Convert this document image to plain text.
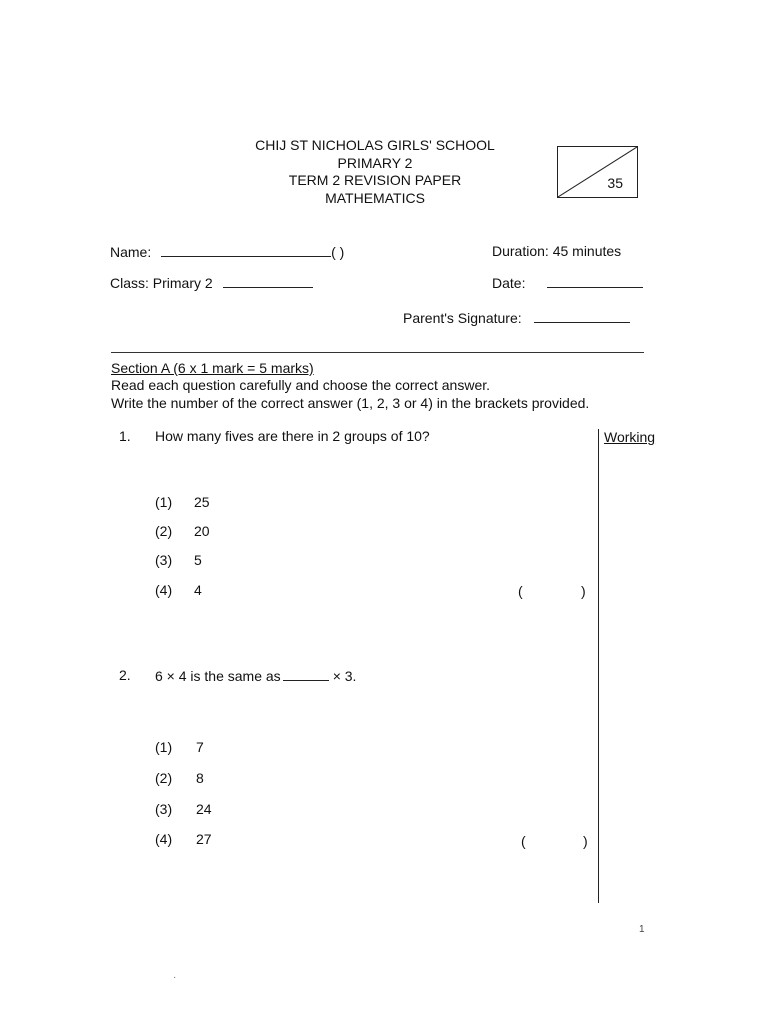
CHIJ ST NICHOLAS GIRLS' SCHOOL
PRIMARY 2
TERM 2 REVISION PAPER
MATHEMATICS
35
Name:	( )	Duration: 45 minutes
Class: Primary 2	Date:
Parent's Signature:
Section A (6 x 1 mark = 5 marks)
Read each question carefully and choose the correct answer.
Write the number of the correct answer (1, 2, 3 or 4) in the brackets provided.
Working
1. How many fives are there in 2 groups of 10?
(1) 25
(2) 20
(3) 5
(4) 4	(	)
2. 6 × 4 is the same as	× 3.
(1) 7
(2) 8
(3) 24
(4) 27	(	)
1
·
